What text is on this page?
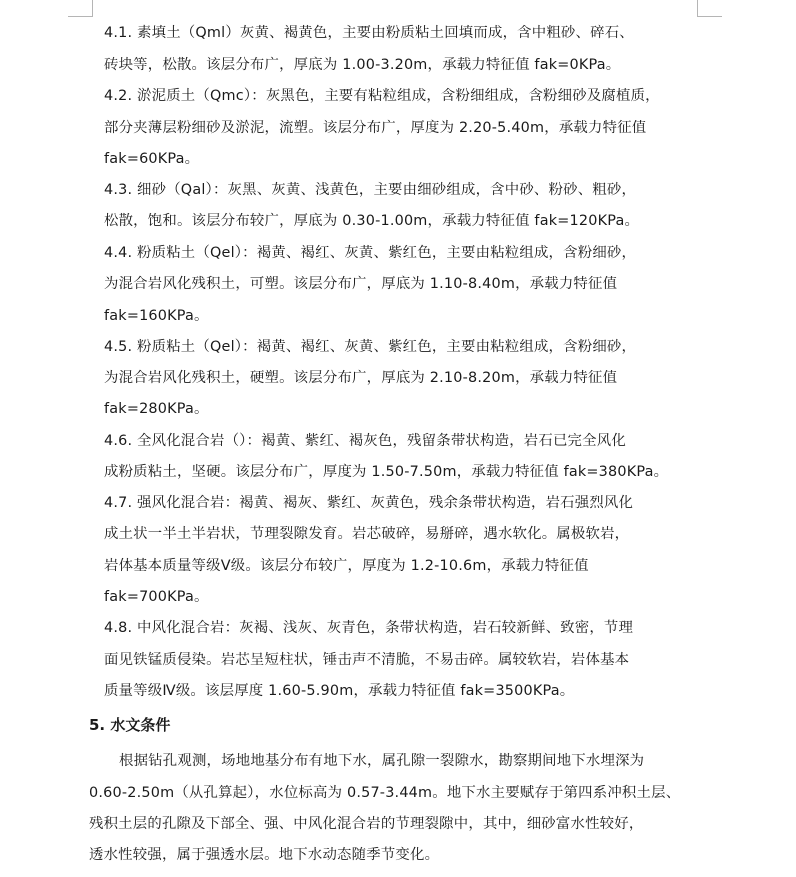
4.1. 素填土（Qml）灰黄、褐黄色，主要由粉质粘土回填而成，含中粗砂、碎石、
砖块等，松散。该层分布广，厚底为 1.00-3.20m，承载力特征值 fak=0KPa。
4.2. 淤泥质土（Qmc）：灰黑色，主要有粘粒组成，含粉细组成，含粉细砂及腐植质，
部分夹薄层粉细砂及淤泥，流塑。该层分布广，厚度为 2.20-5.40m，承载力特征值
fak=60KPa。
4.3. 细砂（Qal）：灰黑、灰黄、浅黄色，主要由细砂组成，含中砂、粉砂、粗砂，
松散，饱和。该层分布较广，厚底为 0.30-1.00m，承载力特征值 fak=120KPa。
4.4. 粉质粘土（Qel）：褐黄、褐红、灰黄、紫红色，主要由粘粒组成，含粉细砂，
为混合岩风化残积土，可塑。该层分布广，厚底为 1.10-8.40m，承载力特征值
fak=160KPa。
4.5. 粉质粘土（Qel）：褐黄、褐红、灰黄、紫红色，主要由粘粒组成，含粉细砂，
为混合岩风化残积土，硬塑。该层分布广，厚底为 2.10-8.20m，承载力特征值
fak=280KPa。
4.6. 全风化混合岩（）：褐黄、紫红、褐灰色，残留条带状构造，岩石已完全风化
成粉质粘土，坚硬。该层分布广，厚度为 1.50-7.50m，承载力特征值 fak=380KPa。
4.7. 强风化混合岩：褐黄、褐灰、紫红、灰黄色，残余条带状构造，岩石强烈风化
成土状一半土半岩状，节理裂隙发育。岩芯破碎，易掰碎，遇水软化。属极软岩，
岩体基本质量等级Ⅴ级。该层分布较广，厚度为 1.2-10.6m，承载力特征值
fak=700KPa。
4.8. 中风化混合岩：灰褐、浅灰、灰青色，条带状构造，岩石较新鲜、致密，节理
面见铁锰质侵染。岩芯呈短柱状，锤击声不清脆，不易击碎。属较软岩，岩体基本
质量等级Ⅳ级。该层厚度 1.60-5.90m，承载力特征值 fak=3500KPa。
5. 水文条件
根据钻孔观测，场地地基分布有地下水，属孔隙一裂隙水，勘察期间地下水埋深为
0.60-2.50m（从孔算起），水位标高为 0.57-3.44m。地下水主要赋存于第四系冲积土层、
残积土层的孔隙及下部全、强、中风化混合岩的节理裂隙中，其中，细砂富水性较好，
透水性较强，属于强透水层。地下水动态随季节变化。
